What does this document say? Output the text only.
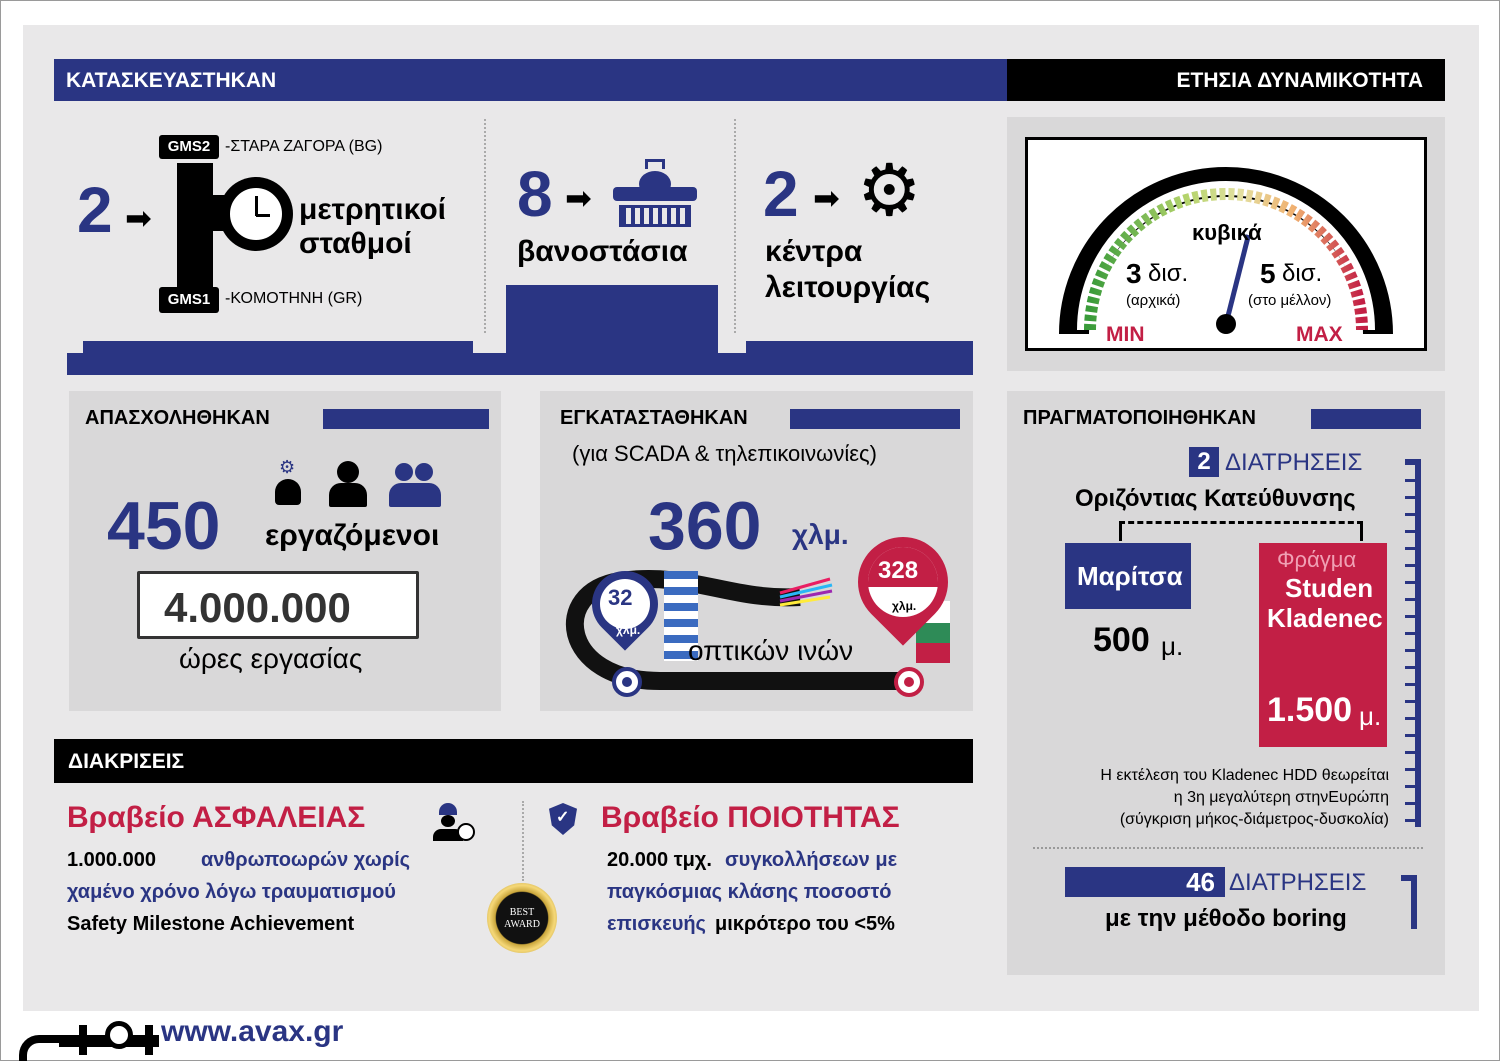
ΚΑΤΑΣΚΕΥΑΣΤΗΚΑΝ	ΕΤΗΣΙΑ ΔΥΝΑΜΙΚΟΤΗΤΑ
2 ➡
GMS2 -ΣΤΑΡΑ ΖΑΓΟΡΑ (BG)
GMS1 -ΚΟΜΟΤΗΝΗ (GR)
μετρητικοί
σταθμοί
8 ➡
βανοστάσια
2 ➡ ⚙
κέντρα
λειτουργίας
κυβικά
3 δισ.
(αρχικά)
5 δισ.
(στο μέλλον)
MIN	MAX
ΑΠΑΣΧΟΛΗΘΗΚΑΝ
⚙
450 εργαζόμενοι
4.000.000
ώρες εργασίας
ΕΓΚΑΤΑΣΤΑΘΗΚΑΝ
(για SCADA & τηλεπικοινωνίες)
360 χλμ.
32
χλμ.
328
χλμ.
οπτικών ινών
ΠΡΑΓΜΑΤΟΠΟΙΗΘΗΚΑΝ
2 ΔΙΑΤΡΗΣΕΙΣ
Οριζόντιας Κατεύθυνσης
Μαρίτσα
500 μ.
Φράγμα
Studen
Kladenec
1.500 μ.
Η εκτέλεση του Kladenec HDD θεωρείται
η 3η μεγαλύτερη στηνΕυρώπη
(σύγκριση μήκος-διάμετρος-δυσκολία)
46 ΔΙΑΤΡΗΣΕΙΣ
με την μέθοδο boring
ΔΙΑΚΡΙΣΕΙΣ
Βραβείο ΑΣΦΑΛΕΙΑΣ
1.000.000 ανθρωποωρών χωρίς
χαμένο χρόνο λόγω τραυματισμού
Safety Milestone Achievement
BEST
AWARD
✓ Βραβείο ΠΟΙΟΤΗΤΑΣ
20.000 τμχ. συγκολλήσεων με
παγκόσμιας κλάσης ποσοστό
επισκευής μικρότερο του <5%
www.avax.gr
